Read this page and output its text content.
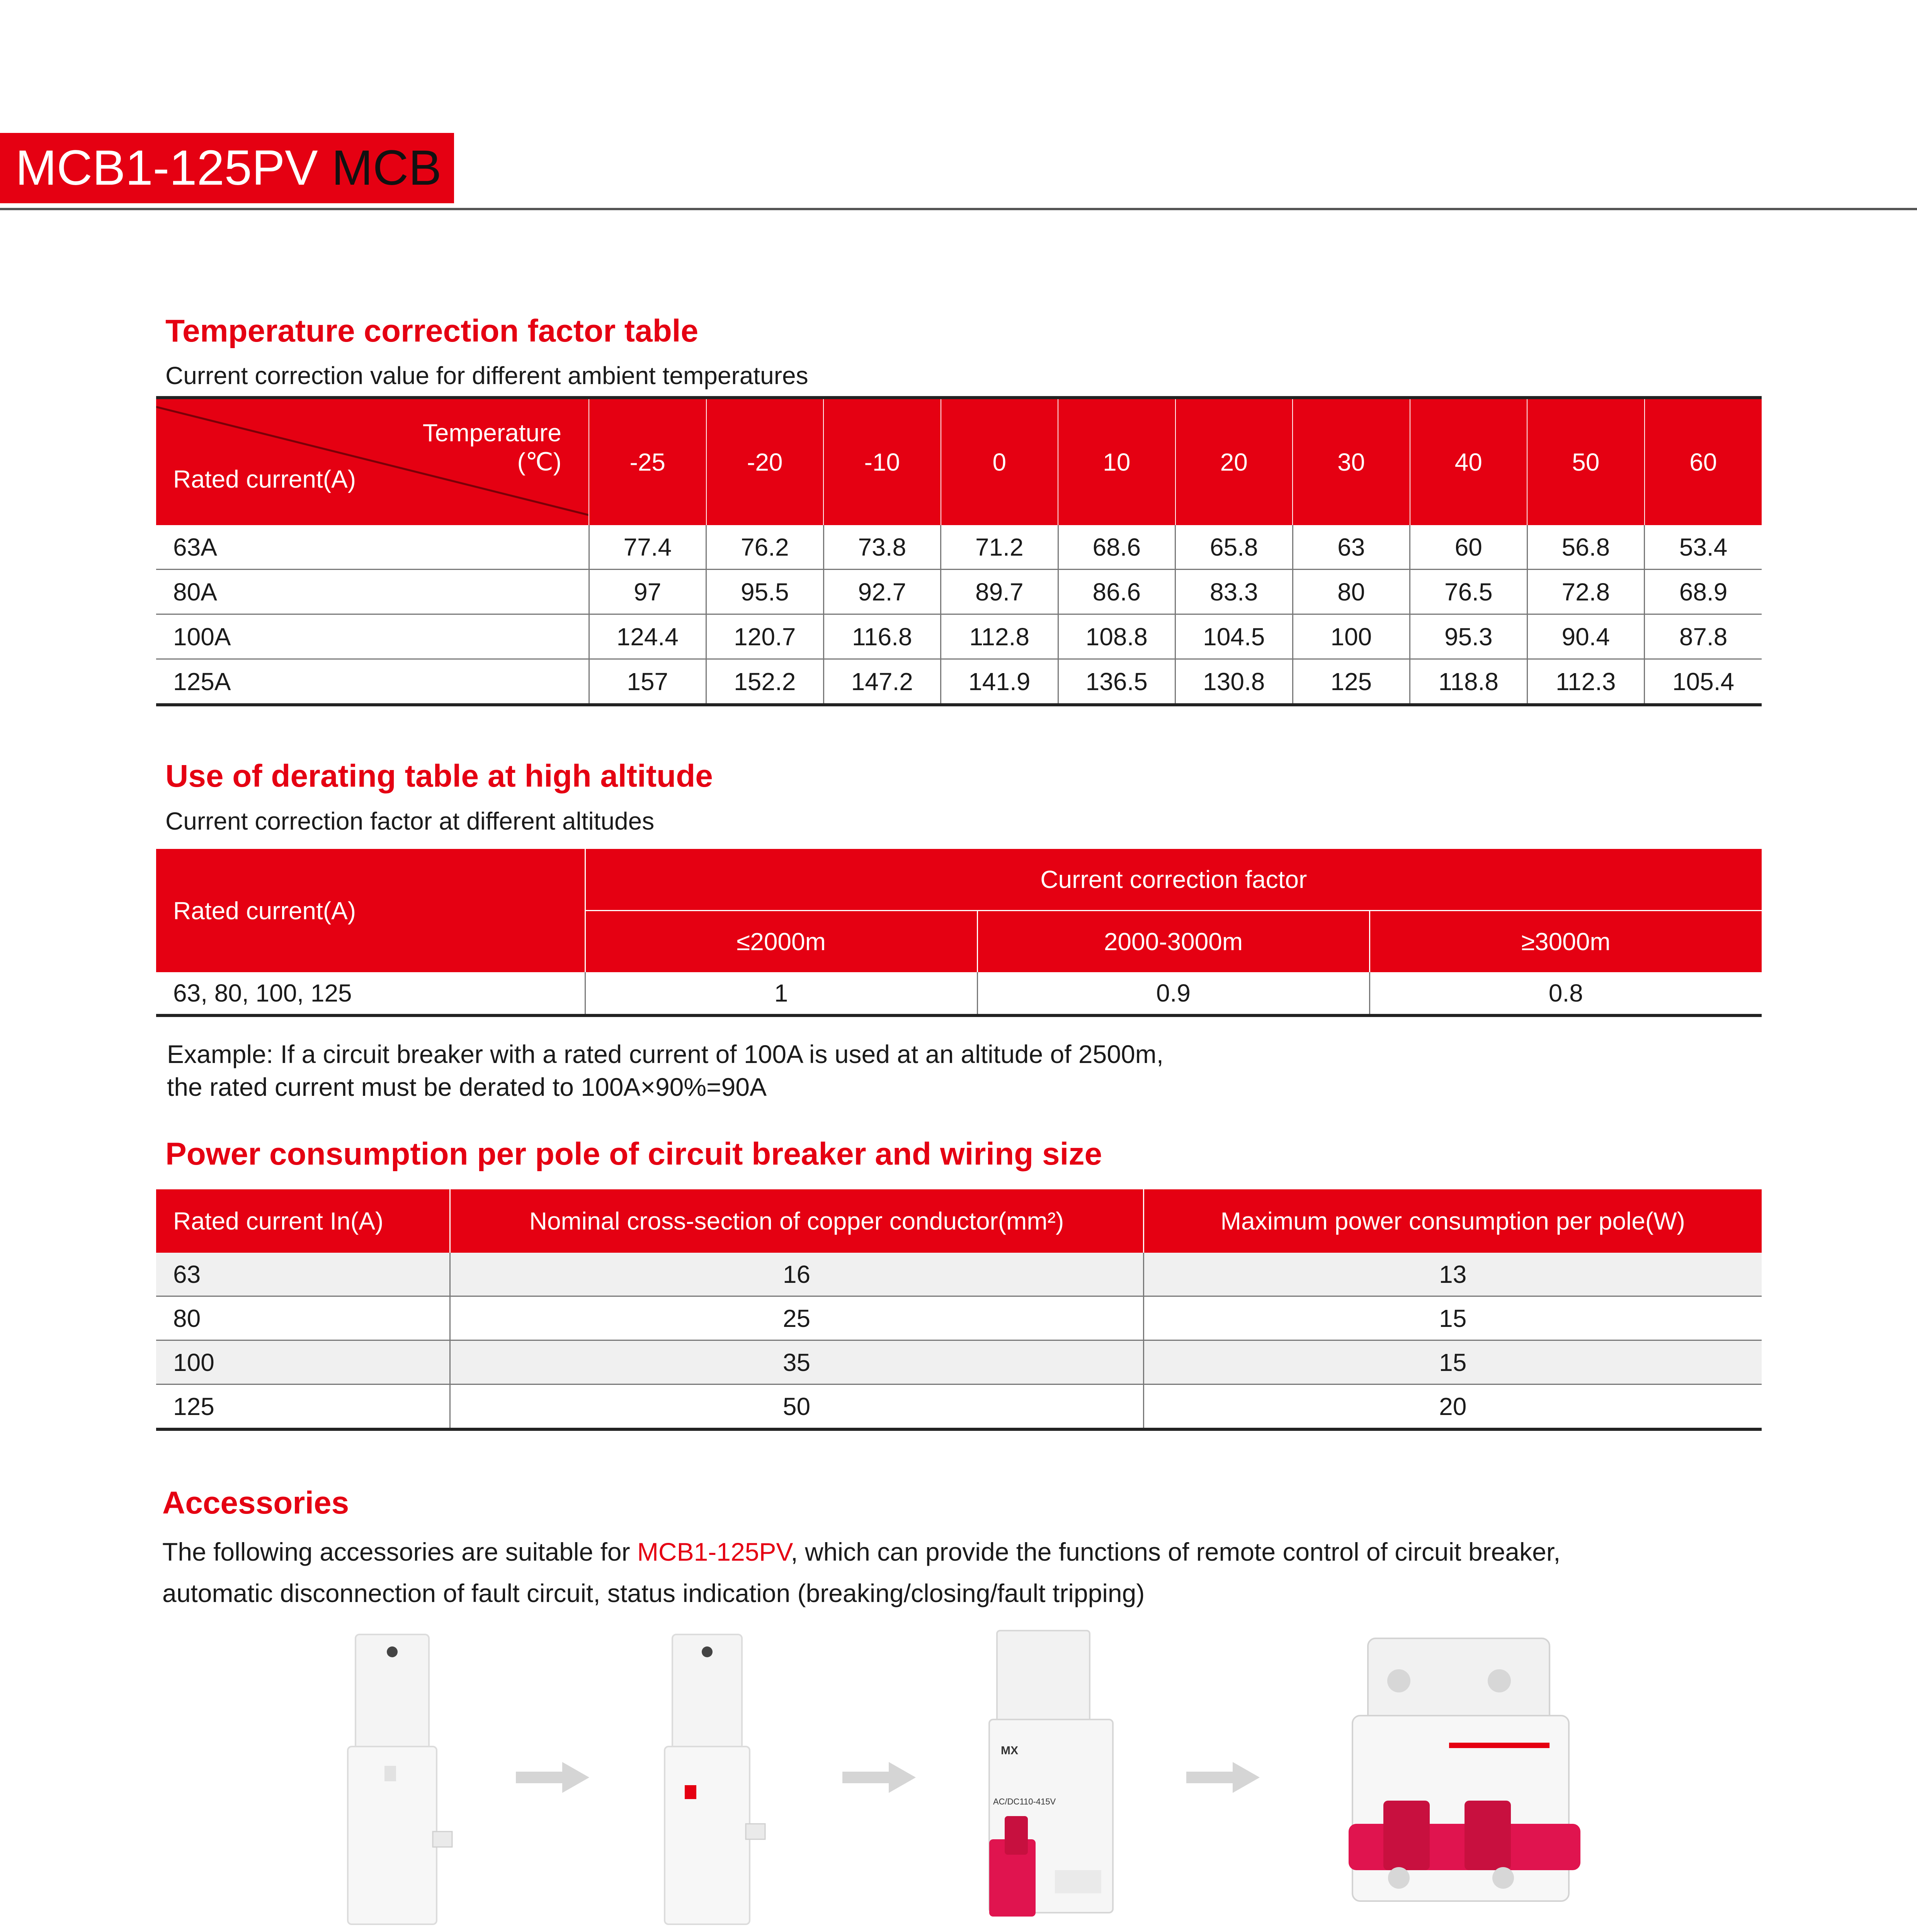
MCB1-125PV MCB
Temperature correction factor table
Current correction value for different ambient temperatures
Temperature
(℃)
Rated current(A)	-25	-20	-10	0	10	20	30	40	50	60
63A	77.4	76.2	73.8	71.2	68.6	65.8	63	60	56.8	53.4
80A	97	95.5	92.7	89.7	86.6	83.3	80	76.5	72.8	68.9
100A	124.4	120.7	116.8	112.8	108.8	104.5	100	95.3	90.4	87.8
125A	157	152.2	147.2	141.9	136.5	130.8	125	118.8	112.3	105.4
Use of derating table at high altitude
Current correction factor at different altitudes
Rated current(A)	Current correction factor		
	≤2000m	2000-3000m	≥3000m
63, 80, 100, 125	1	0.9	0.8
Example: If a circuit breaker with a rated current of 100A is used at an altitude of 2500m,
the rated current must be derated to 100A×90%=90A
Power consumption per pole of circuit breaker and wiring size
Rated current In(A)	Nominal cross-section of copper conductor(mm²)	Maximum power consumption per pole(W)
63	16	13
80	25	15
100	35	15
125	50	20
Accessories
The following accessories are suitable for MCB1-125PV, which can provide the functions of remote control of circuit breaker,
automatic disconnection of fault circuit, status indication (breaking/closing/fault tripping)
MX
AC/DC110-415V
